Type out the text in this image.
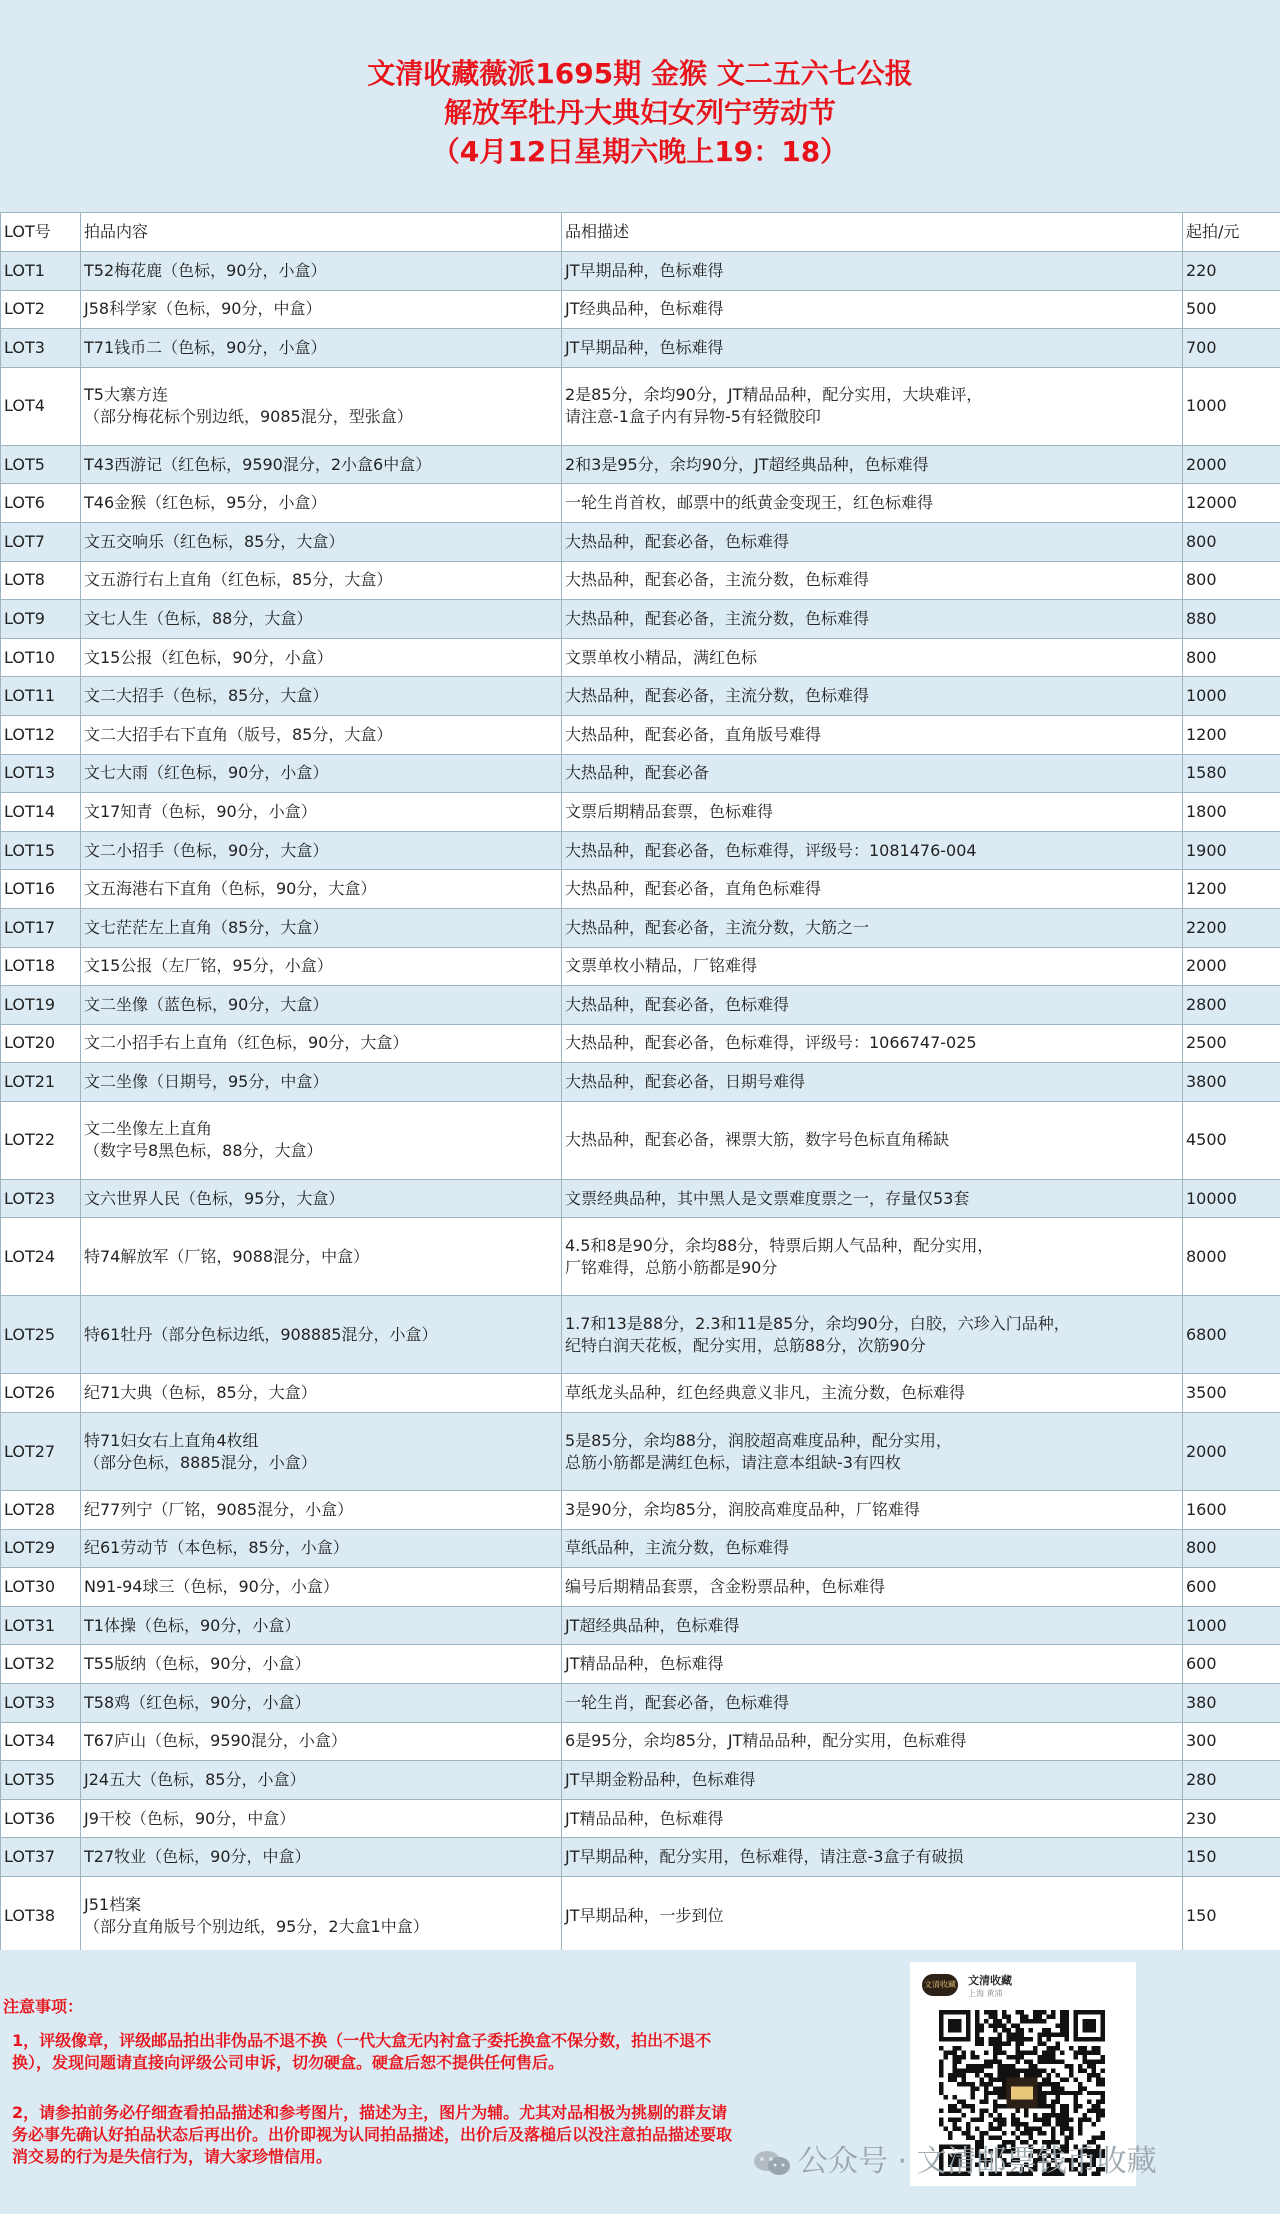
文清收藏薇派1695期 金猴 文二五六七公报
解放军牡丹大典妇女列宁劳动节
（4月12日星期六晚上19：18）
LOT号	拍品内容	品相描述	起拍/元
LOT1	T52梅花鹿（色标，90分，小盒）	JT早期品种，色标难得	220
LOT2	J58科学家（色标，90分，中盒）	JT经典品种，色标难得	500
LOT3	T71钱币二（色标，90分，小盒）	JT早期品种，色标难得	700
LOT4	T5大寨方连
（部分梅花标个别边纸，9085混分，型张盒）	2是85分，余均90分，JT精品品种，配分实用，大块难评，
请注意-1盒子内有异物-5有轻微胶印	1000
LOT5	T43西游记（红色标，9590混分，2小盒6中盒）	2和3是95分，余均90分，JT超经典品种，色标难得	2000
LOT6	T46金猴（红色标，95分，小盒）	一轮生肖首枚，邮票中的纸黄金变现王，红色标难得	12000
LOT7	文五交响乐（红色标，85分，大盒）	大热品种，配套必备，色标难得	800
LOT8	文五游行右上直角（红色标，85分，大盒）	大热品种，配套必备，主流分数，色标难得	800
LOT9	文七人生（色标，88分，大盒）	大热品种，配套必备，主流分数，色标难得	880
LOT10	文15公报（红色标，90分，小盒）	文票单枚小精品，满红色标	800
LOT11	文二大招手（色标，85分，大盒）	大热品种，配套必备，主流分数，色标难得	1000
LOT12	文二大招手右下直角（版号，85分，大盒）	大热品种，配套必备，直角版号难得	1200
LOT13	文七大雨（红色标，90分，小盒）	大热品种，配套必备	1580
LOT14	文17知青（色标，90分，小盒）	文票后期精品套票，色标难得	1800
LOT15	文二小招手（色标，90分，大盒）	大热品种，配套必备，色标难得，评级号：1081476-004	1900
LOT16	文五海港右下直角（色标，90分，大盒）	大热品种，配套必备，直角色标难得	1200
LOT17	文七茫茫左上直角（85分，大盒）	大热品种，配套必备，主流分数，大筋之一	2200
LOT18	文15公报（左厂铭，95分，小盒）	文票单枚小精品，厂铭难得	2000
LOT19	文二坐像（蓝色标，90分，大盒）	大热品种，配套必备，色标难得	2800
LOT20	文二小招手右上直角（红色标，90分，大盒）	大热品种，配套必备，色标难得，评级号：1066747-025	2500
LOT21	文二坐像（日期号，95分，中盒）	大热品种，配套必备，日期号难得	3800
LOT22	文二坐像左上直角
（数字号8黑色标，88分，大盒）	大热品种，配套必备，裸票大筋，数字号色标直角稀缺	4500
LOT23	文六世界人民（色标，95分，大盒）	文票经典品种，其中黑人是文票难度票之一，存量仅53套	10000
LOT24	特74解放军（厂铭，9088混分，中盒）	4.5和8是90分，余均88分，特票后期人气品种，配分实用，
厂铭难得，总筋小筋都是90分	8000
LOT25	特61牡丹（部分色标边纸，908885混分，小盒）	1.7和13是88分，2.3和11是85分，余均90分，白胶，六珍入门品种，
纪特白润天花板，配分实用，总筋88分，次筋90分	6800
LOT26	纪71大典（色标，85分，大盒）	草纸龙头品种，红色经典意义非凡，主流分数，色标难得	3500
LOT27	特71妇女右上直角4枚组
（部分色标，8885混分，小盒）	5是85分，余均88分，润胶超高难度品种，配分实用，
总筋小筋都是满红色标，请注意本组缺-3有四枚	2000
LOT28	纪77列宁（厂铭，9085混分，小盒）	3是90分，余均85分，润胶高难度品种，厂铭难得	1600
LOT29	纪61劳动节（本色标，85分，小盒）	草纸品种，主流分数，色标难得	800
LOT30	N91-94球三（色标，90分，小盒）	编号后期精品套票，含金粉票品种，色标难得	600
LOT31	T1体操（色标，90分，小盒）	JT超经典品种，色标难得	1000
LOT32	T55版纳（色标，90分，小盒）	JT精品品种，色标难得	600
LOT33	T58鸡（红色标，90分，小盒）	一轮生肖，配套必备，色标难得	380
LOT34	T67庐山（色标，9590混分，小盒）	6是95分，余均85分，JT精品品种，配分实用，色标难得	300
LOT35	J24五大（色标，85分，小盒）	JT早期金粉品种，色标难得	280
LOT36	J9干校（色标，90分，中盒）	JT精品品种，色标难得	230
LOT37	T27牧业（色标，90分，中盒）	JT早期品种，配分实用，色标难得，请注意-3盒子有破损	150
LOT38	J51档案
（部分直角版号个别边纸，95分，2大盒1中盒）	JT早期品种，一步到位	150
注意事项：
1，评级像章，评级邮品拍出非伪品不退不换（一代大盒无内衬盒子委托换盒不保分数，拍出不退不换），发现问题请直接向评级公司申诉，切勿硬盒。硬盒后恕不提供任何售后。
2，请参拍前务必仔细查看拍品描述和参考图片，描述为主，图片为辅。尤其对品相极为挑剔的群友请务必事先确认好拍品状态后再出价。出价即视为认同拍品描述，出价后及落槌后以没注意拍品描述要取消交易的行为是失信行为，请大家珍惜信用。
文清收藏 文清收藏
上海 黄浦
公众号 · 文清邮票钱币收藏
